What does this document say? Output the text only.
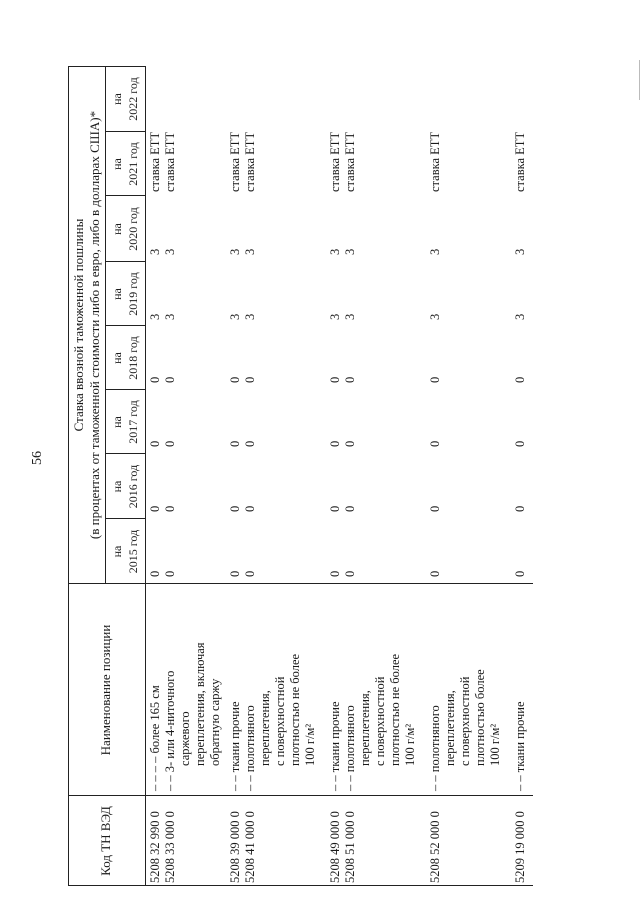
56
Код ТН ВЭД
Наименование позиции
Ставка ввозной таможенной пошлины (в процентах от таможенной стоимости либо в евро, либо в долларах США)*
на 2015 год
на 2016 год
на 2017 год
на 2018 год
на 2019 год
на 2020 год
на 2021 год
на 2022 год
5208 32 990 0
– – – – более 165 см
0
0
0
0
3
3
ставка ЕТТ
5208 33 000 0
– – 3- или 4-ниточного саржевого переплетения, включая обратную саржу
0
0
0
0
3
3
ставка ЕТТ
5208 39 000 0
– – ткани прочие
0
0
0
0
3
3
ставка ЕТТ
5208 41 000 0
– – полотняного переплетения, с поверхностной плотностью не более 100 г/м²
0
0
0
0
3
3
ставка ЕТТ
5208 49 000 0
– – ткани прочие
0
0
0
0
3
3
ставка ЕТТ
5208 51 000 0
– – полотняного переплетения, с поверхностной плотностью не более 100 г/м²
0
0
0
0
3
3
ставка ЕТТ
5208 52 000 0
– – полотняного переплетения, с поверхностной плотностью более 100 г/м²
0
0
0
0
3
3
ставка ЕТТ
5209 19 000 0
– – ткани прочие
0
0
0
0
3
3
ставка ЕТТ
